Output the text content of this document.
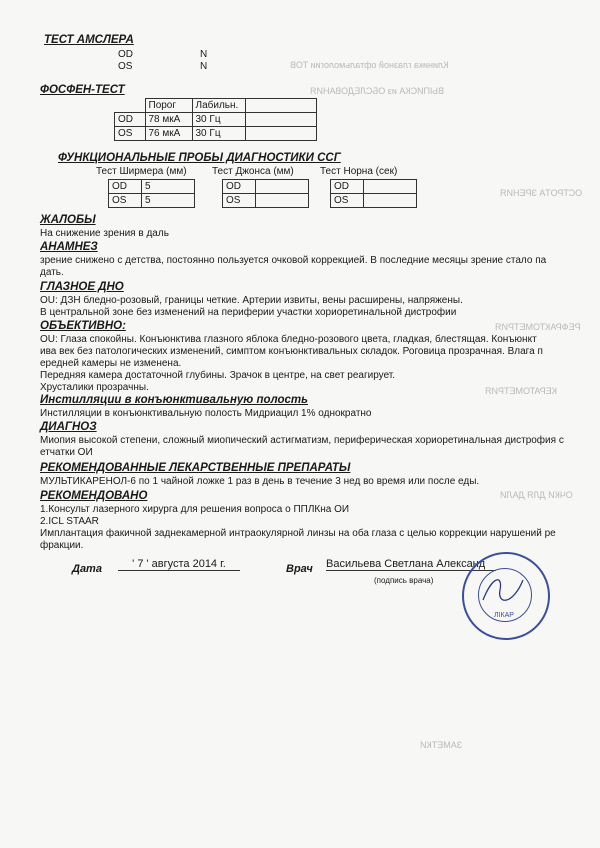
Клиника глазной офтальмологии ТОВ
ВЫПИСКА из ОБСЛЕДОВАНИЯ
ОСТРОТА ЗРЕНИЯ
РЕФРАКТОМЕТРИЯ
КЕРАТОМЕТРИЯ
ОЧКИ ДЛЯ ДАЛИ
ЗАМЕТКИ
ТЕСТ АМСЛЕРА
OD	N
OS	N
ФОСФЕН-ТЕСТ
	Порог	Лабильн.	
OD	78 мкА	30 Гц	
OS	76 мкА	30 Гц	
ФУНКЦИОНАЛЬНЫЕ ПРОБЫ ДИАГНОСТИКИ ССГ
Тест Ширмера (мм)	Тест Джонса (мм)	Тест Норна (сек)
OD	5
OS	5
OD	
OS	
OD	
OS	
ЖАЛОБЫ
На снижение зрения в даль
АНАМНЕЗ
зрение снижено с детства, постоянно пользуется очковой коррекцией. В последние месяцы зрение стало па
дать.
ГЛАЗНОЕ ДНО
OU: ДЗН бледно-розовый, границы четкие. Артерии извиты, вены расширены, напряжены.
В центральной зоне без изменений на периферии участки хориоретинальной дистрофии
ОБЪЕКТИВНО:
OU: Глаза спокойны. Конъюнктива глазного яблока бледно-розового цвета, гладкая, блестящая. Конъюнкт
ива век без патологических изменений, симптом конъюнктивальных складок. Роговица прозрачная. Влага п
ередней камеры не изменена.
Передняя камера достаточной глубины. Зрачок в центре, на свет реагирует.
Хрусталики прозрачны.
Инстилляции в конъюнктивальную полость
Инстилляции в конъюнктивальную полость Мидриацил 1% однократно
ДИАГНОЗ
Миопия высокой степени, сложный миопический астигматизм, периферическая хориоретинальная дистрофия с
етчатки ОИ
РЕКОМЕНДОВАННЫЕ ЛЕКАРСТВЕННЫЕ ПРЕПАРАТЫ
МУЛЬТИКАРЕНОЛ-6 по 1 чайной ложке 1 раз в день в течение 3 нед во время или после еды.
РЕКОМЕНДОВАНО
1.Консульт лазерного хирурга для решения вопроса о ППЛКна ОИ
2.ICL STAAR
Имплантация факичной заднекамерной интраокулярной линзы на оба глаза с целью коррекции нарушений ре
фракции.
Дата	' 7 ' августа 2014 г.	Врач Васильева Светлана Александ
(подпись врача)
ЛІКАР
